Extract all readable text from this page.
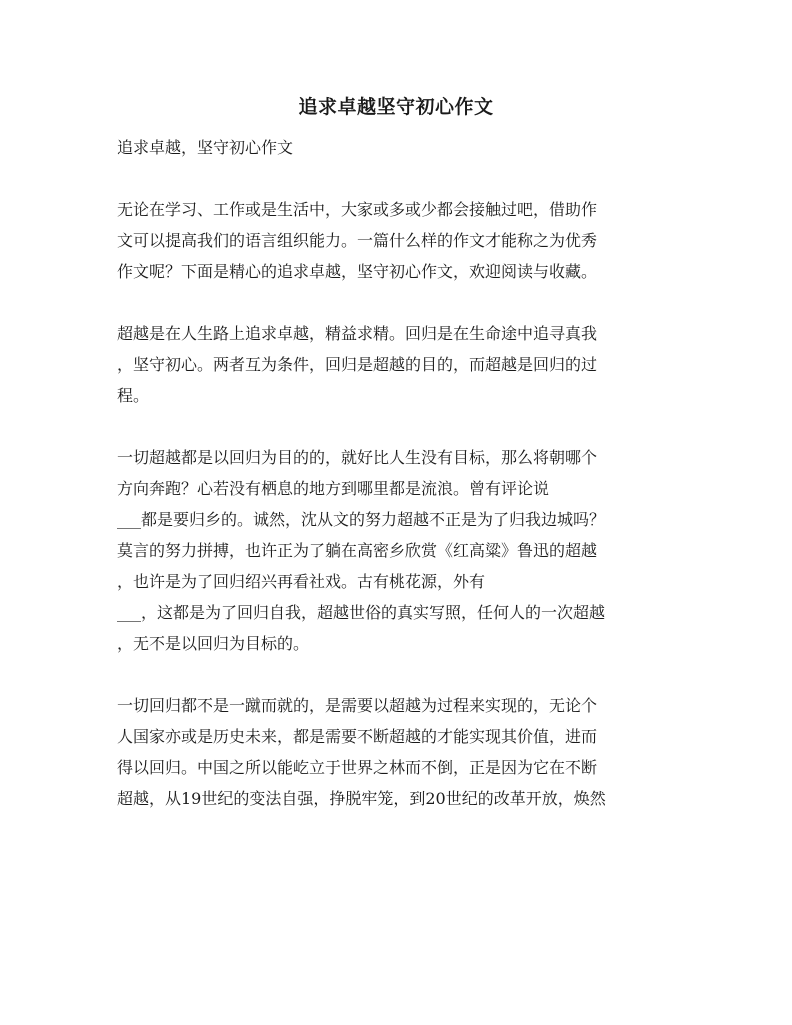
追求卓越坚守初心作文
追求卓越，坚守初心作文
无论在学习、工作或是生活中，大家或多或少都会接触过吧，借助作
文可以提高我们的语言组织能力。一篇什么样的作文才能称之为优秀
作文呢？下面是精心的追求卓越，坚守初心作文，欢迎阅读与收藏。
超越是在人生路上追求卓越，精益求精。回归是在生命途中追寻真我
，坚守初心。两者互为条件，回归是超越的目的，而超越是回归的过
程。
一切超越都是以回归为目的的，就好比人生没有目标，那么将朝哪个
方向奔跑？心若没有栖息的地方到哪里都是流浪。曾有评论说
___都是要归乡的。诚然，沈从文的努力超越不正是为了归我边城吗？
莫言的努力拼搏，也许正为了躺在高密乡欣赏《红高粱》鲁迅的超越
，也许是为了回归绍兴再看社戏。古有桃花源，外有
___，这都是为了回归自我，超越世俗的真实写照，任何人的一次超越
，无不是以回归为目标的。
一切回归都不是一蹴而就的，是需要以超越为过程来实现的，无论个
人国家亦或是历史未来，都是需要不断超越的才能实现其价值，进而
得以回归。中国之所以能屹立于世界之林而不倒，正是因为它在不断
超越，从19世纪的变法自强，挣脱牢笼，到20世纪的改革开放，焕然
